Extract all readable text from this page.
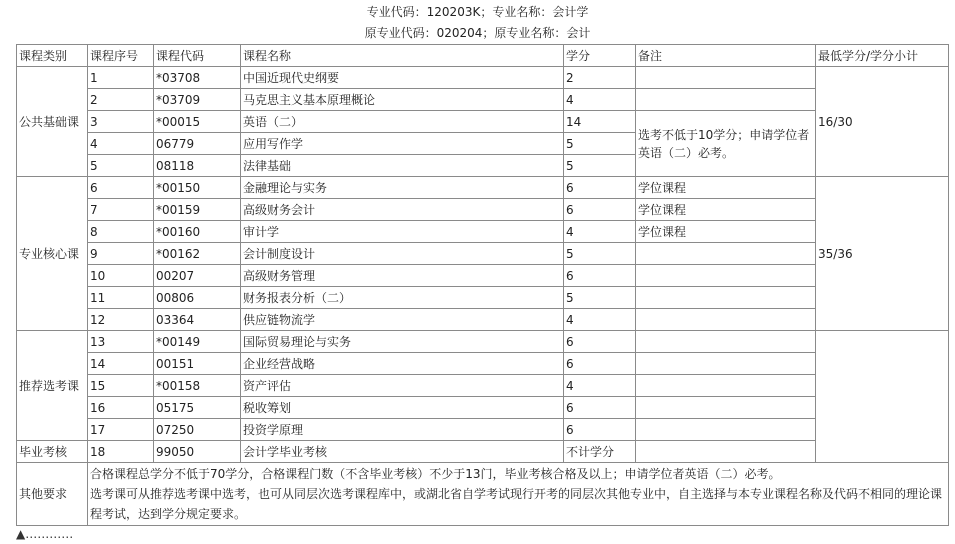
专业代码：120203K；专业名称：会计学
原专业代码：020204；原专业名称：会计
课程类别	课程序号	课程代码	课程名称	学分	备注	最低学分/学分小计
公共基础课	1	*03708	中国近现代史纲要	2		16/30
	2	*03709	马克思主义基本原理概论	4		
	3	*00015	英语（二）	14	选考不低于10学分；申请学位者英语（二）必考。	
	4	06779	应用写作学	5		
	5	08118	法律基础	5		
专业核心课	6	*00150	金融理论与实务	6	学位课程	35/36
	7	*00159	高级财务会计	6	学位课程	
	8	*00160	审计学	4	学位课程	
	9	*00162	会计制度设计	5		
	10	00207	高级财务管理	6		
	11	00806	财务报表分析（二）	5		
	12	03364	供应链物流学	4		
推荐选考课	13	*00149	国际贸易理论与实务	6		
	14	00151	企业经营战略	6		
	15	*00158	资产评估	4		
	16	05175	税收筹划	6		
	17	07250	投资学原理	6		
毕业考核	18	99050	会计学毕业考核	不计学分		
其他要求	合格课程总学分不低于70学分，合格课程门数（不含毕业考核）不少于13门，毕业考核合格及以上；申请学位者英语（二）必考。
选考课可从推荐选考课中选考，也可从同层次选考课程库中，或湖北省自学考试现行开考的同层次其他专业中，自主选择与本专业课程名称及代码不相同的理论课程考试，达到学分规定要求。					
▲…………
